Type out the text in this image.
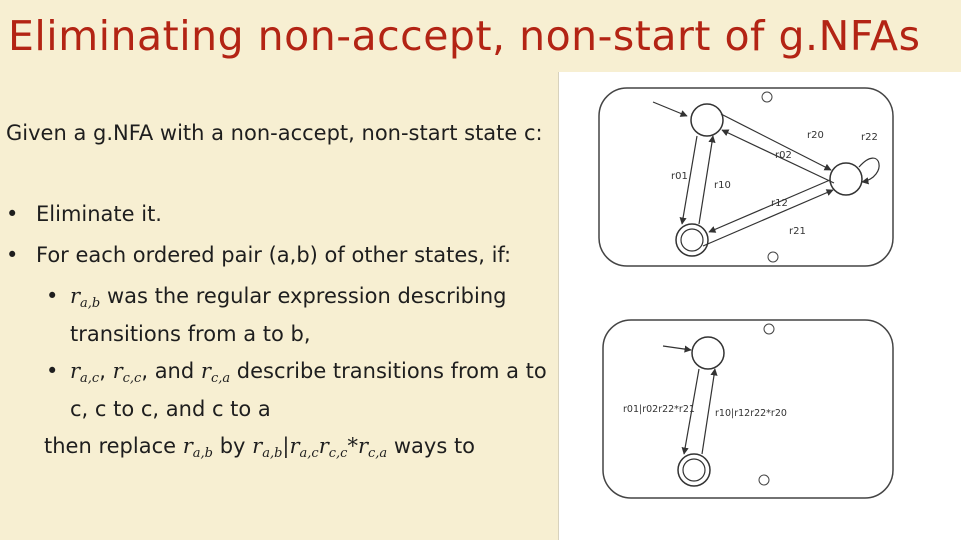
Eliminating non-accept, non-start of g.NFAs

Given a g.NFA with a non-accept, non-start state c:

• Eliminate it.
• For each ordered pair (a,b) of other states, if:
• $r_{a,b}$ was the regular expression describing transitions from a to b,
• $r_{a,c}$, $r_{c,c}$, and $r_{c,a}$ describe transitions from a to c, c to c, and c to a
then replace $r_{a,b}$ by $r_{a,b}|r_{a,c}r_{c,c}*r_{c,a}$ ways to
r20
r02
r22
r01
r10
r12
r21
r01|r02r22*r21 r10|r12r22*r20
